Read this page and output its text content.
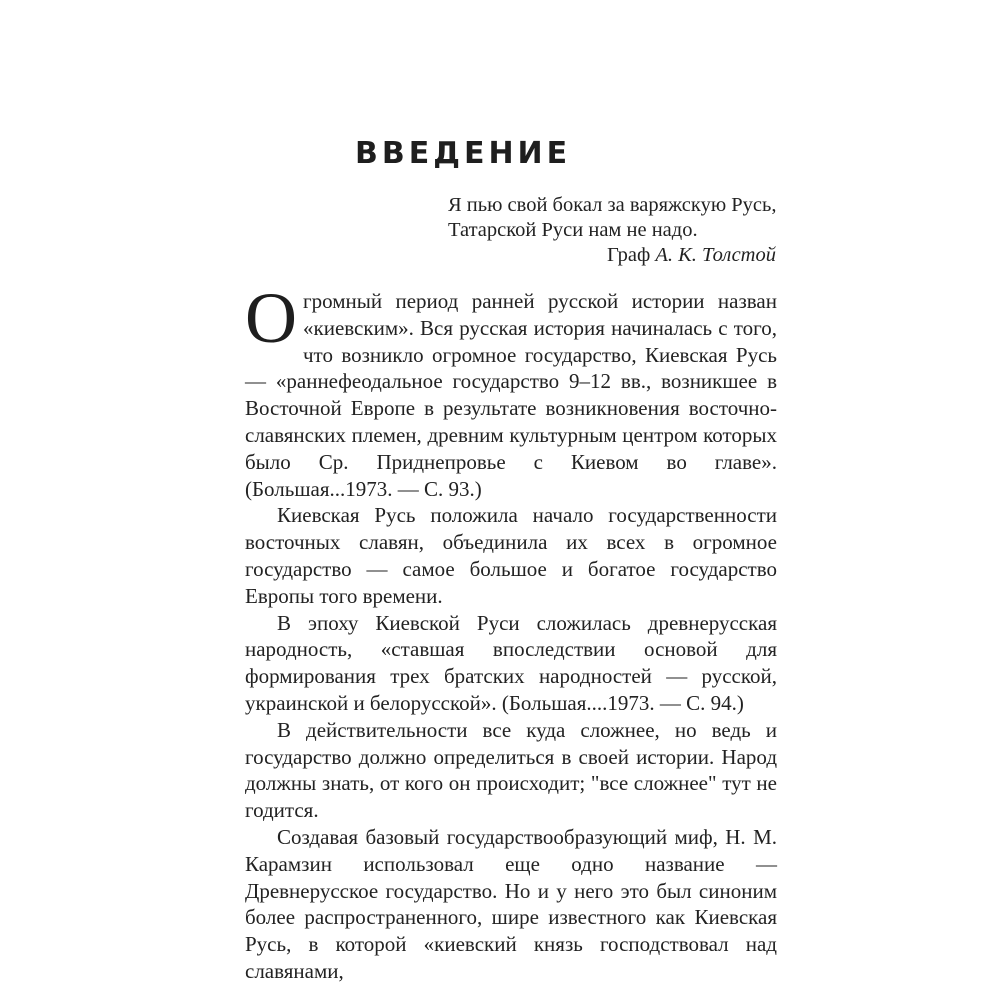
ВВЕДЕНИЕ
Я пью свой бокал за варяжскую Русь,
Татарской Руси нам не надо.
Граф А. К. Толстой

Огромный период ранней русской истории назван «киевским». Вся русская история начиналась с того, что возникло огромное государство, Киевская Русь — «раннефеодальное государство 9–12 вв., возникшее в Восточной Европе в результате возникновения восточно-славянских племен, древним культурным центром которых было Ср. Приднепровье с Киевом во главе». (Большая...1973. — С. 93.)

Киевская Русь положила начало государственности восточных славян, объединила их всех в огромное государство — самое большое и богатое государство Европы того времени.

В эпоху Киевской Руси сложилась древнерусская народность, «ставшая впоследствии основой для формирования трех братских народностей — русской, украинской и белорусской». (Большая....1973. — С. 94.)

В действительности все куда сложнее, но ведь и государство должно определиться в своей истории. Народ должны знать, от кого он происходит; "все сложнее" тут не годится.

Создавая базовый государствообразующий миф, Н. М. Карамзин использовал еще одно название — Древнерусское государство. Но и у него это был синоним более распространенного, шире известного как Киевская Русь, в которой «киевский князь господствовал над славянами,
